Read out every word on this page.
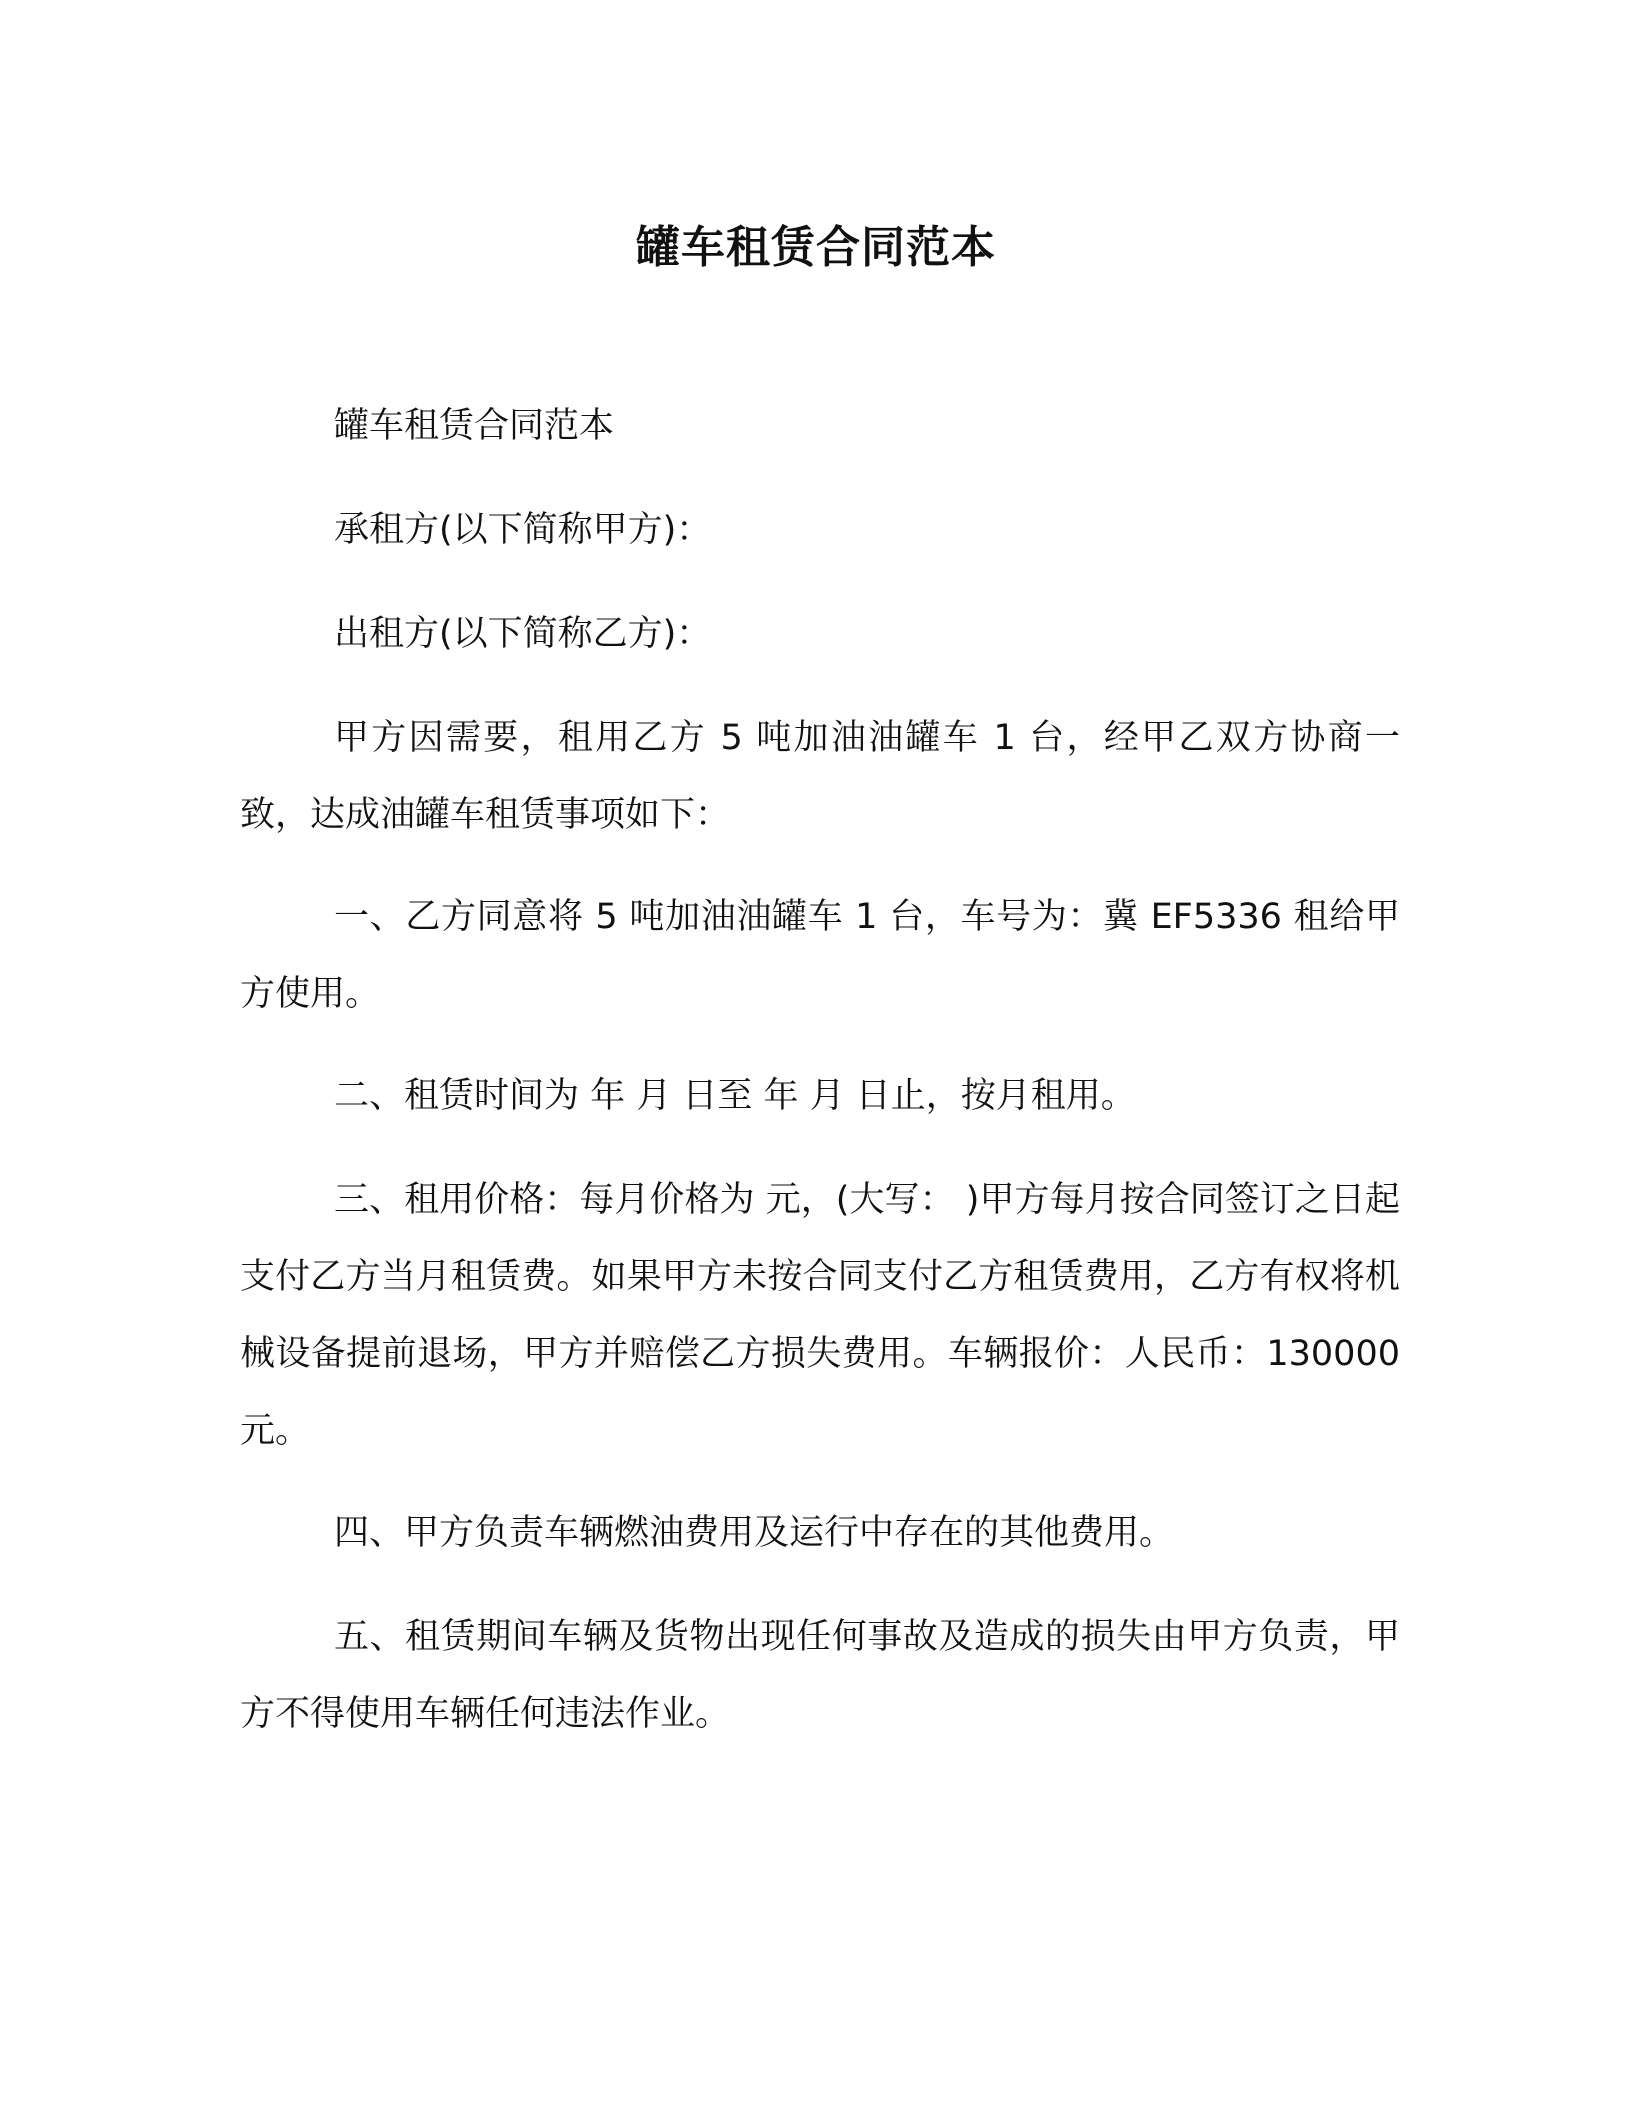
罐车租赁合同范本

罐车租赁合同范本

承租方(以下简称甲方)：

出租方(以下简称乙方)：

甲方因需要，租用乙方 5 吨加油油罐车 1 台，经甲乙双方协商一致，达成油罐车租赁事项如下：

一、乙方同意将 5 吨加油油罐车 1 台，车号为：冀 EF5336 租给甲方使用。

二、租赁时间为 年 月 日至 年 月 日止，按月租用。

三、租用价格：每月价格为 元，(大写： )甲方每月按合同签订之日起支付乙方当月租赁费。如果甲方未按合同支付乙方租赁费用，乙方有权将机械设备提前退场，甲方并赔偿乙方损失费用。车辆报价：人民币：130000 元。

四、甲方负责车辆燃油费用及运行中存在的其他费用。

五、租赁期间车辆及货物出现任何事故及造成的损失由甲方负责，甲方不得使用车辆任何违法作业。
